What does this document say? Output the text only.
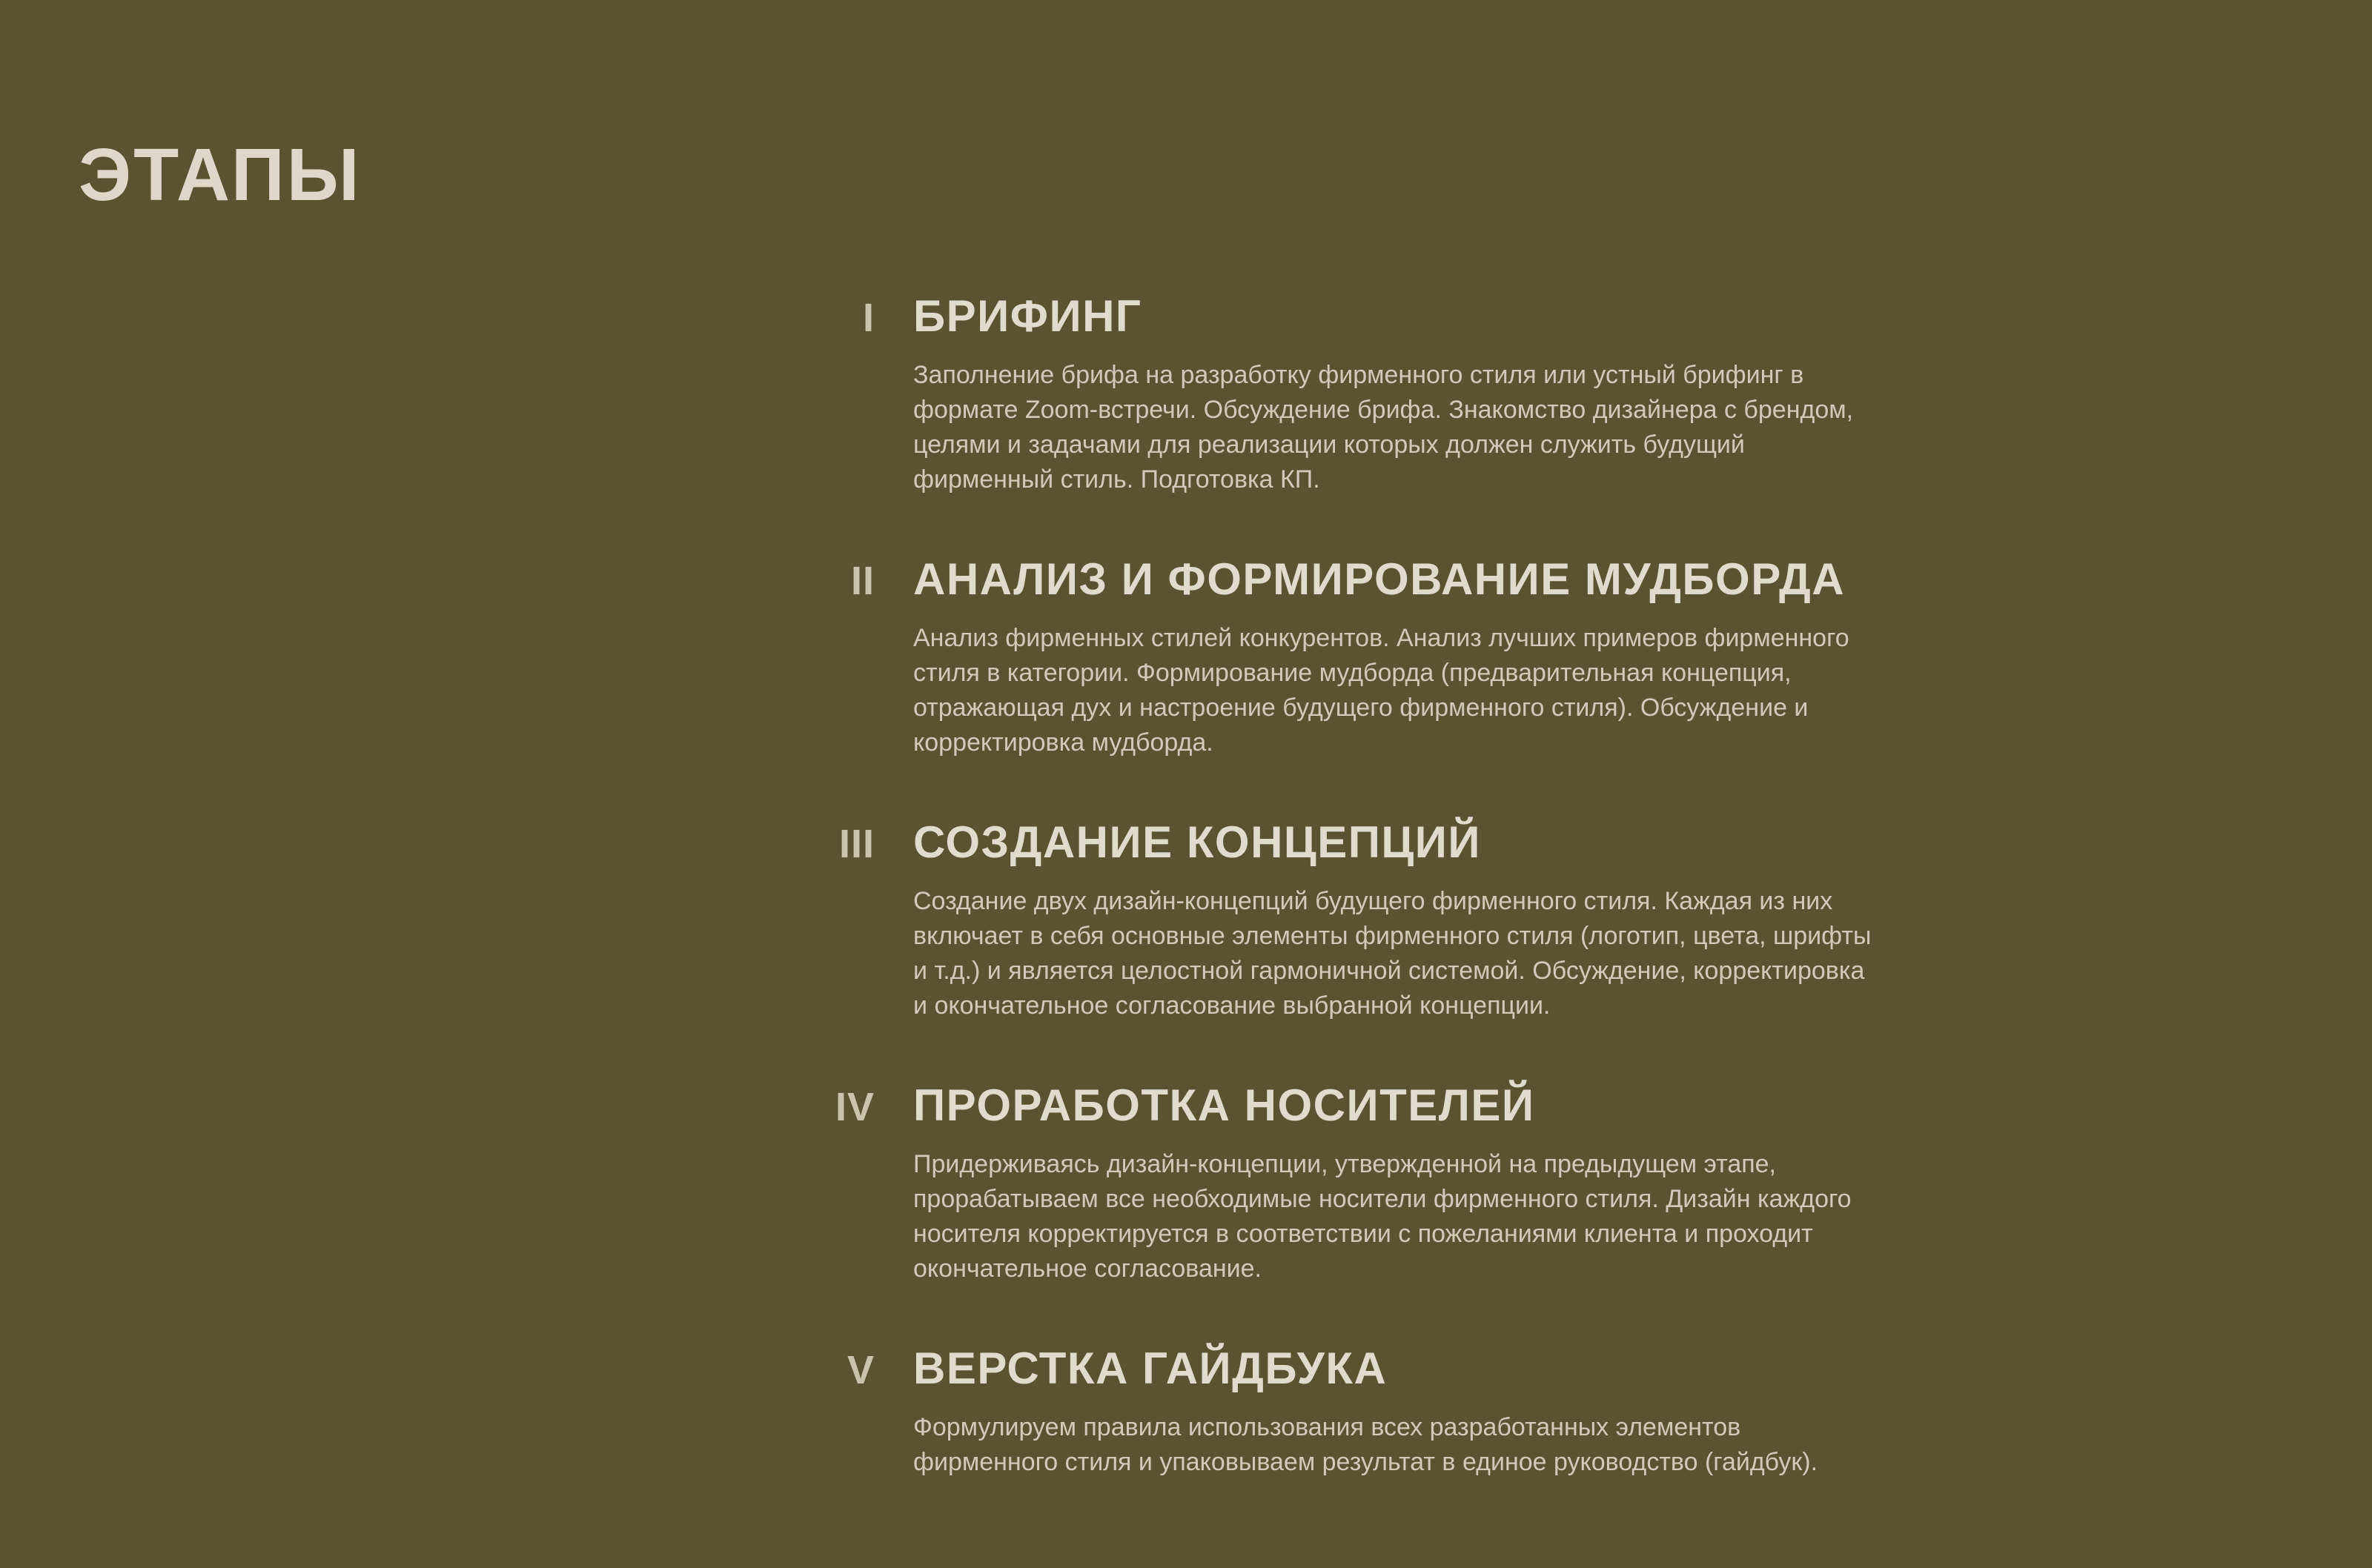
ЭТАПЫ
I БРИФИНГ
Заполнение брифа на разработку фирменного стиля или устный брифинг в формате Zoom-встречи. Обсуждение брифа. Знакомство дизайнера с брендом, целями и задачами для реализации которых должен служить будущий фирменный стиль. Подготовка КП.
II АНАЛИЗ И ФОРМИРОВАНИЕ МУДБОРДА
Анализ фирменных стилей конкурентов. Анализ лучших примеров фирменного стиля в категории. Формирование мудборда (предварительная концепция, отражающая дух и настроение будущего фирменного стиля). Обсуждение и корректировка мудборда.
III СОЗДАНИЕ КОНЦЕПЦИЙ
Создание двух дизайн-концепций будущего фирменного стиля. Каждая из них включает в себя основные элементы фирменного стиля (логотип, цвета, шрифты и т.д.) и является целостной гармоничной системой. Обсуждение, корректировка и окончательное согласование выбранной концепции.
IV ПРОРАБОТКА НОСИТЕЛЕЙ
Придерживаясь дизайн-концепции, утвержденной на предыдущем этапе, прорабатываем все необходимые носители фирменного стиля. Дизайн каждого носителя корректируется в соответствии с пожеланиями клиента и проходит окончательное согласование.
V ВЕРСТКА ГАЙДБУКА
Формулируем правила использования всех разработанных элементов фирменного стиля и упаковываем результат в единое руководство (гайдбук).
